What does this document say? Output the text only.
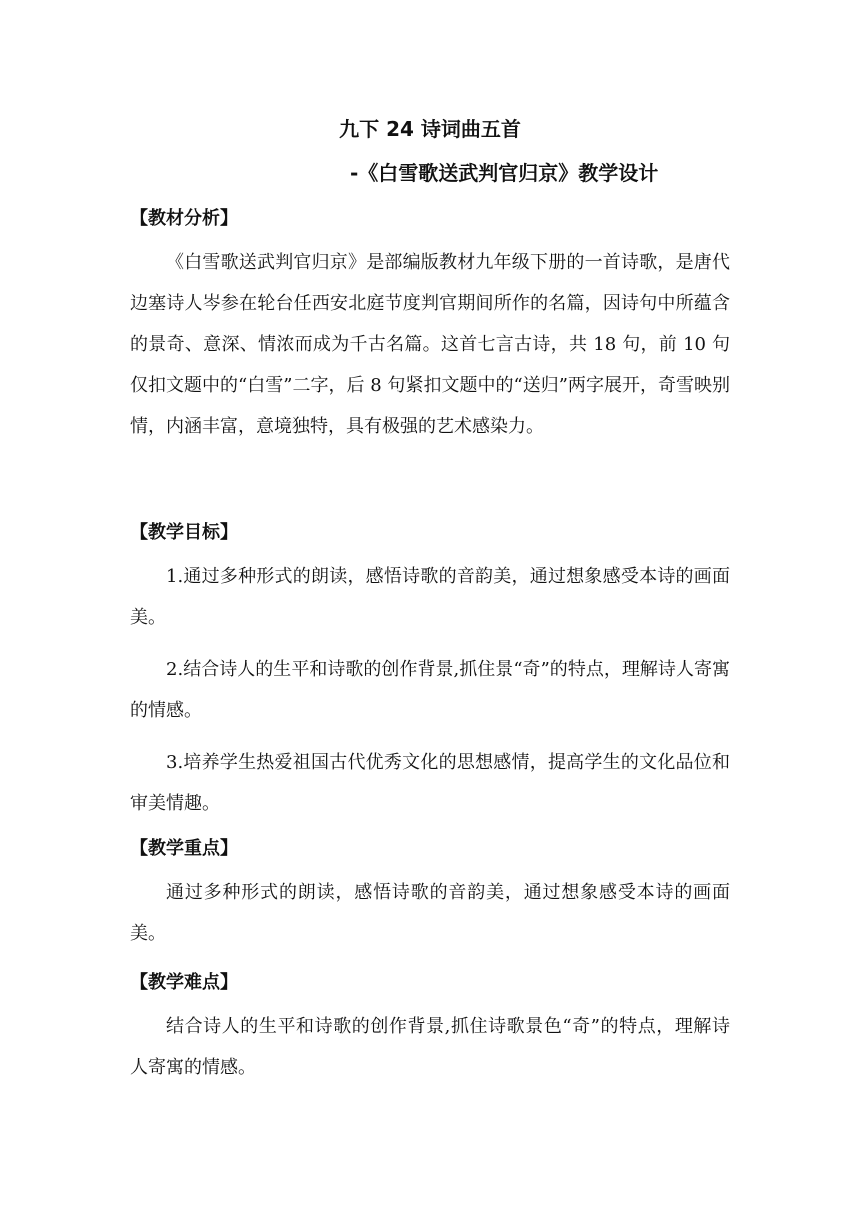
九下 24 诗词曲五首
-《白雪歌送武判官归京》教学设计
【教材分析】

《白雪歌送武判官归京》是部编版教材九年级下册的一首诗歌，是唐代边塞诗人岑参在轮台任西安北庭节度判官期间所作的名篇，因诗句中所蕴含的景奇、意深、情浓而成为千古名篇。这首七言古诗，共 18 句，前 10 句仅扣文题中的“白雪”二字，后 8 句紧扣文题中的“送归”两字展开，奇雪映别情，内涵丰富，意境独特，具有极强的艺术感染力。

【教学目标】

1.通过多种形式的朗读，感悟诗歌的音韵美，通过想象感受本诗的画面美。

2.结合诗人的生平和诗歌的创作背景,抓住景“奇”的特点，理解诗人寄寓的情感。

3.培养学生热爱祖国古代优秀文化的思想感情，提高学生的文化品位和审美情趣。

【教学重点】

通过多种形式的朗读，感悟诗歌的音韵美，通过想象感受本诗的画面美。

【教学难点】

结合诗人的生平和诗歌的创作背景,抓住诗歌景色“奇”的特点，理解诗人寄寓的情感。
